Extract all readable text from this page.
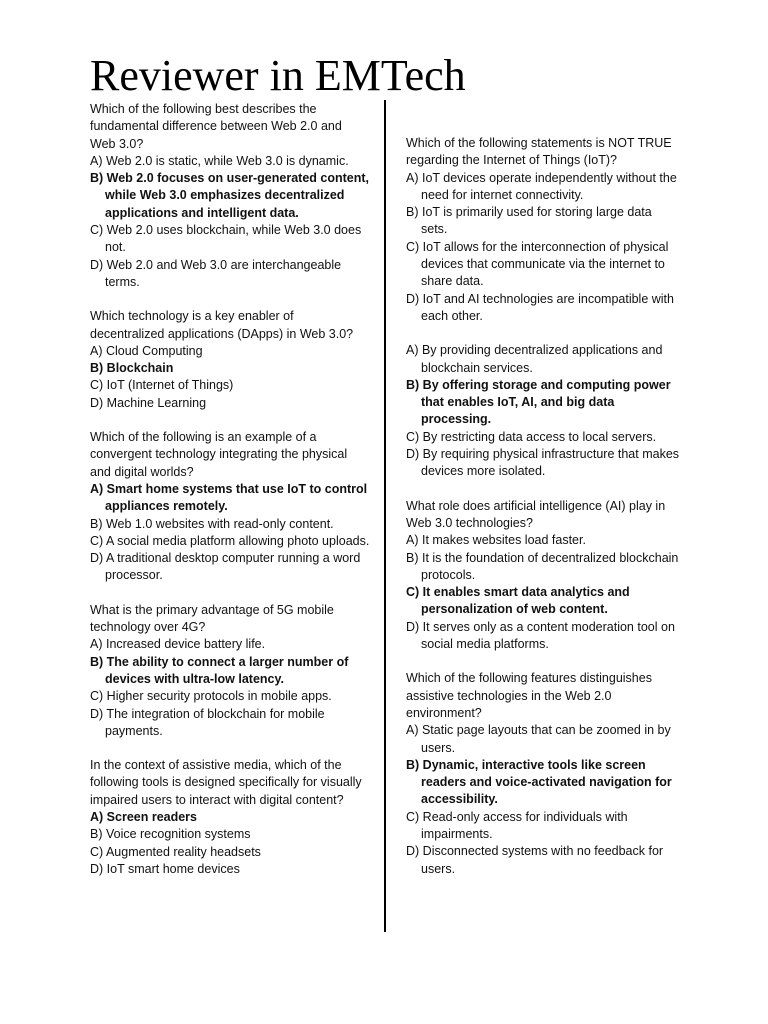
Reviewer in EMTech

Which of the following best describes the fundamental difference between Web 2.0 and Web 3.0?

A) Web 2.0 is static, while Web 3.0 is dynamic.

B) Web 2.0 focuses on user-generated content, while Web 3.0 emphasizes decentralized applications and intelligent data.

C) Web 2.0 uses blockchain, while Web 3.0 does not.

D) Web 2.0 and Web 3.0 are interchangeable terms.

Which technology is a key enabler of decentralized applications (DApps) in Web 3.0?

A) Cloud Computing

B) Blockchain

C) IoT (Internet of Things)

D) Machine Learning

Which of the following is an example of a convergent technology integrating the physical and digital worlds?

A) Smart home systems that use IoT to control appliances remotely.

B) Web 1.0 websites with read-only content.

C) A social media platform allowing photo uploads.

D) A traditional desktop computer running a word processor.

What is the primary advantage of 5G mobile technology over 4G?

A) Increased device battery life.

B) The ability to connect a larger number of devices with ultra-low latency.

C) Higher security protocols in mobile apps.

D) The integration of blockchain for mobile payments.

In the context of assistive media, which of the following tools is designed specifically for visually impaired users to interact with digital content?

A) Screen readers

B) Voice recognition systems

C) Augmented reality headsets

D) IoT smart home devices

Which of the following statements is NOT TRUE regarding the Internet of Things (IoT)?

A) IoT devices operate independently without the need for internet connectivity.

B) IoT is primarily used for storing large data sets.

C) IoT allows for the interconnection of physical devices that communicate via the internet to share data.

D) IoT and AI technologies are incompatible with each other.

A) By providing decentralized applications and blockchain services.

B) By offering storage and computing power that enables IoT, AI, and big data processing.

C) By restricting data access to local servers.

D) By requiring physical infrastructure that makes devices more isolated.

What role does artificial intelligence (AI) play in Web 3.0 technologies?

A) It makes websites load faster.

B) It is the foundation of decentralized blockchain protocols.

C) It enables smart data analytics and personalization of web content.

D) It serves only as a content moderation tool on social media platforms.

Which of the following features distinguishes assistive technologies in the Web 2.0 environment?

A) Static page layouts that can be zoomed in by users.

B) Dynamic, interactive tools like screen readers and voice-activated navigation for accessibility.

C) Read-only access for individuals with impairments.

D) Disconnected systems with no feedback for users.
